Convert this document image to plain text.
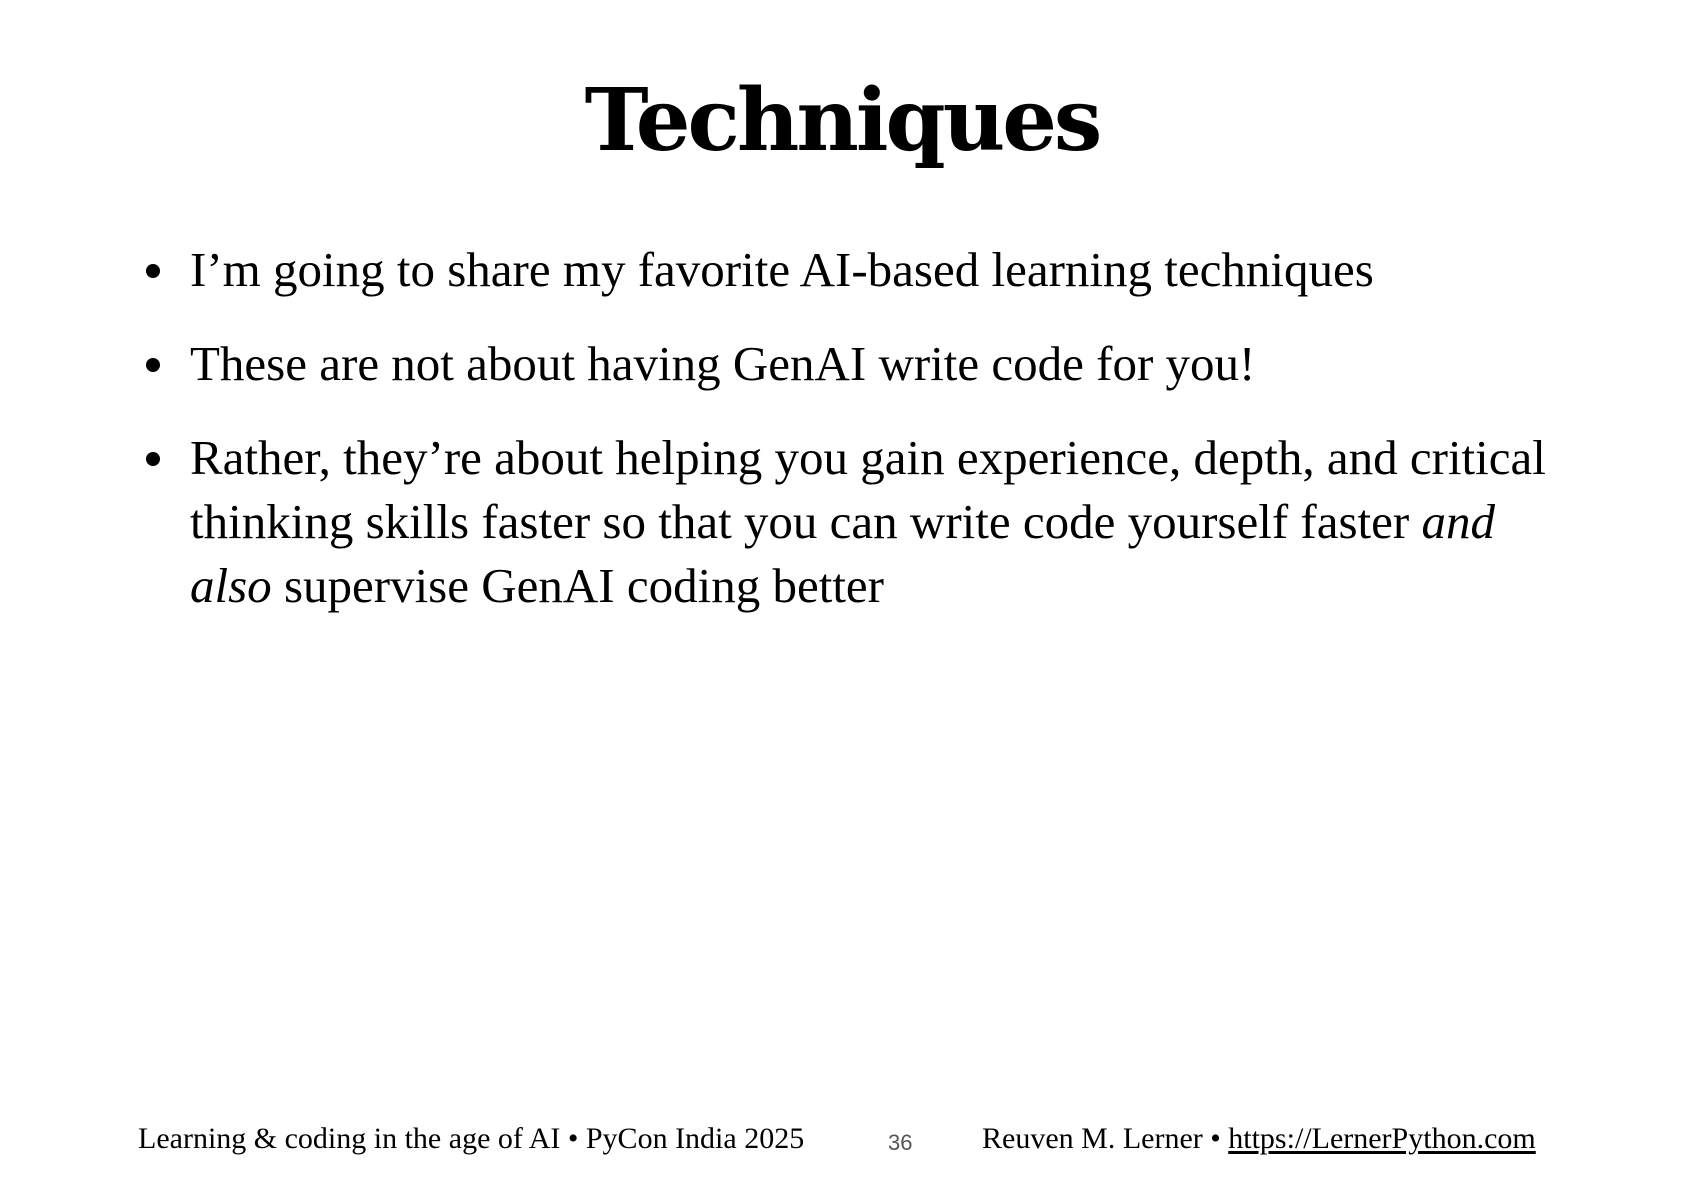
Techniques
I’m going to share my favorite AI-based learning techniques
These are not about having GenAI write code for you!
Rather, they’re about helping you gain experience, depth, and critical thinking skills faster so that you can write code yourself faster and also supervise GenAI coding better
Learning & coding in the age of AI • PyCon India 2025	36 Reuven M. Lerner • https://LernerPython.com
